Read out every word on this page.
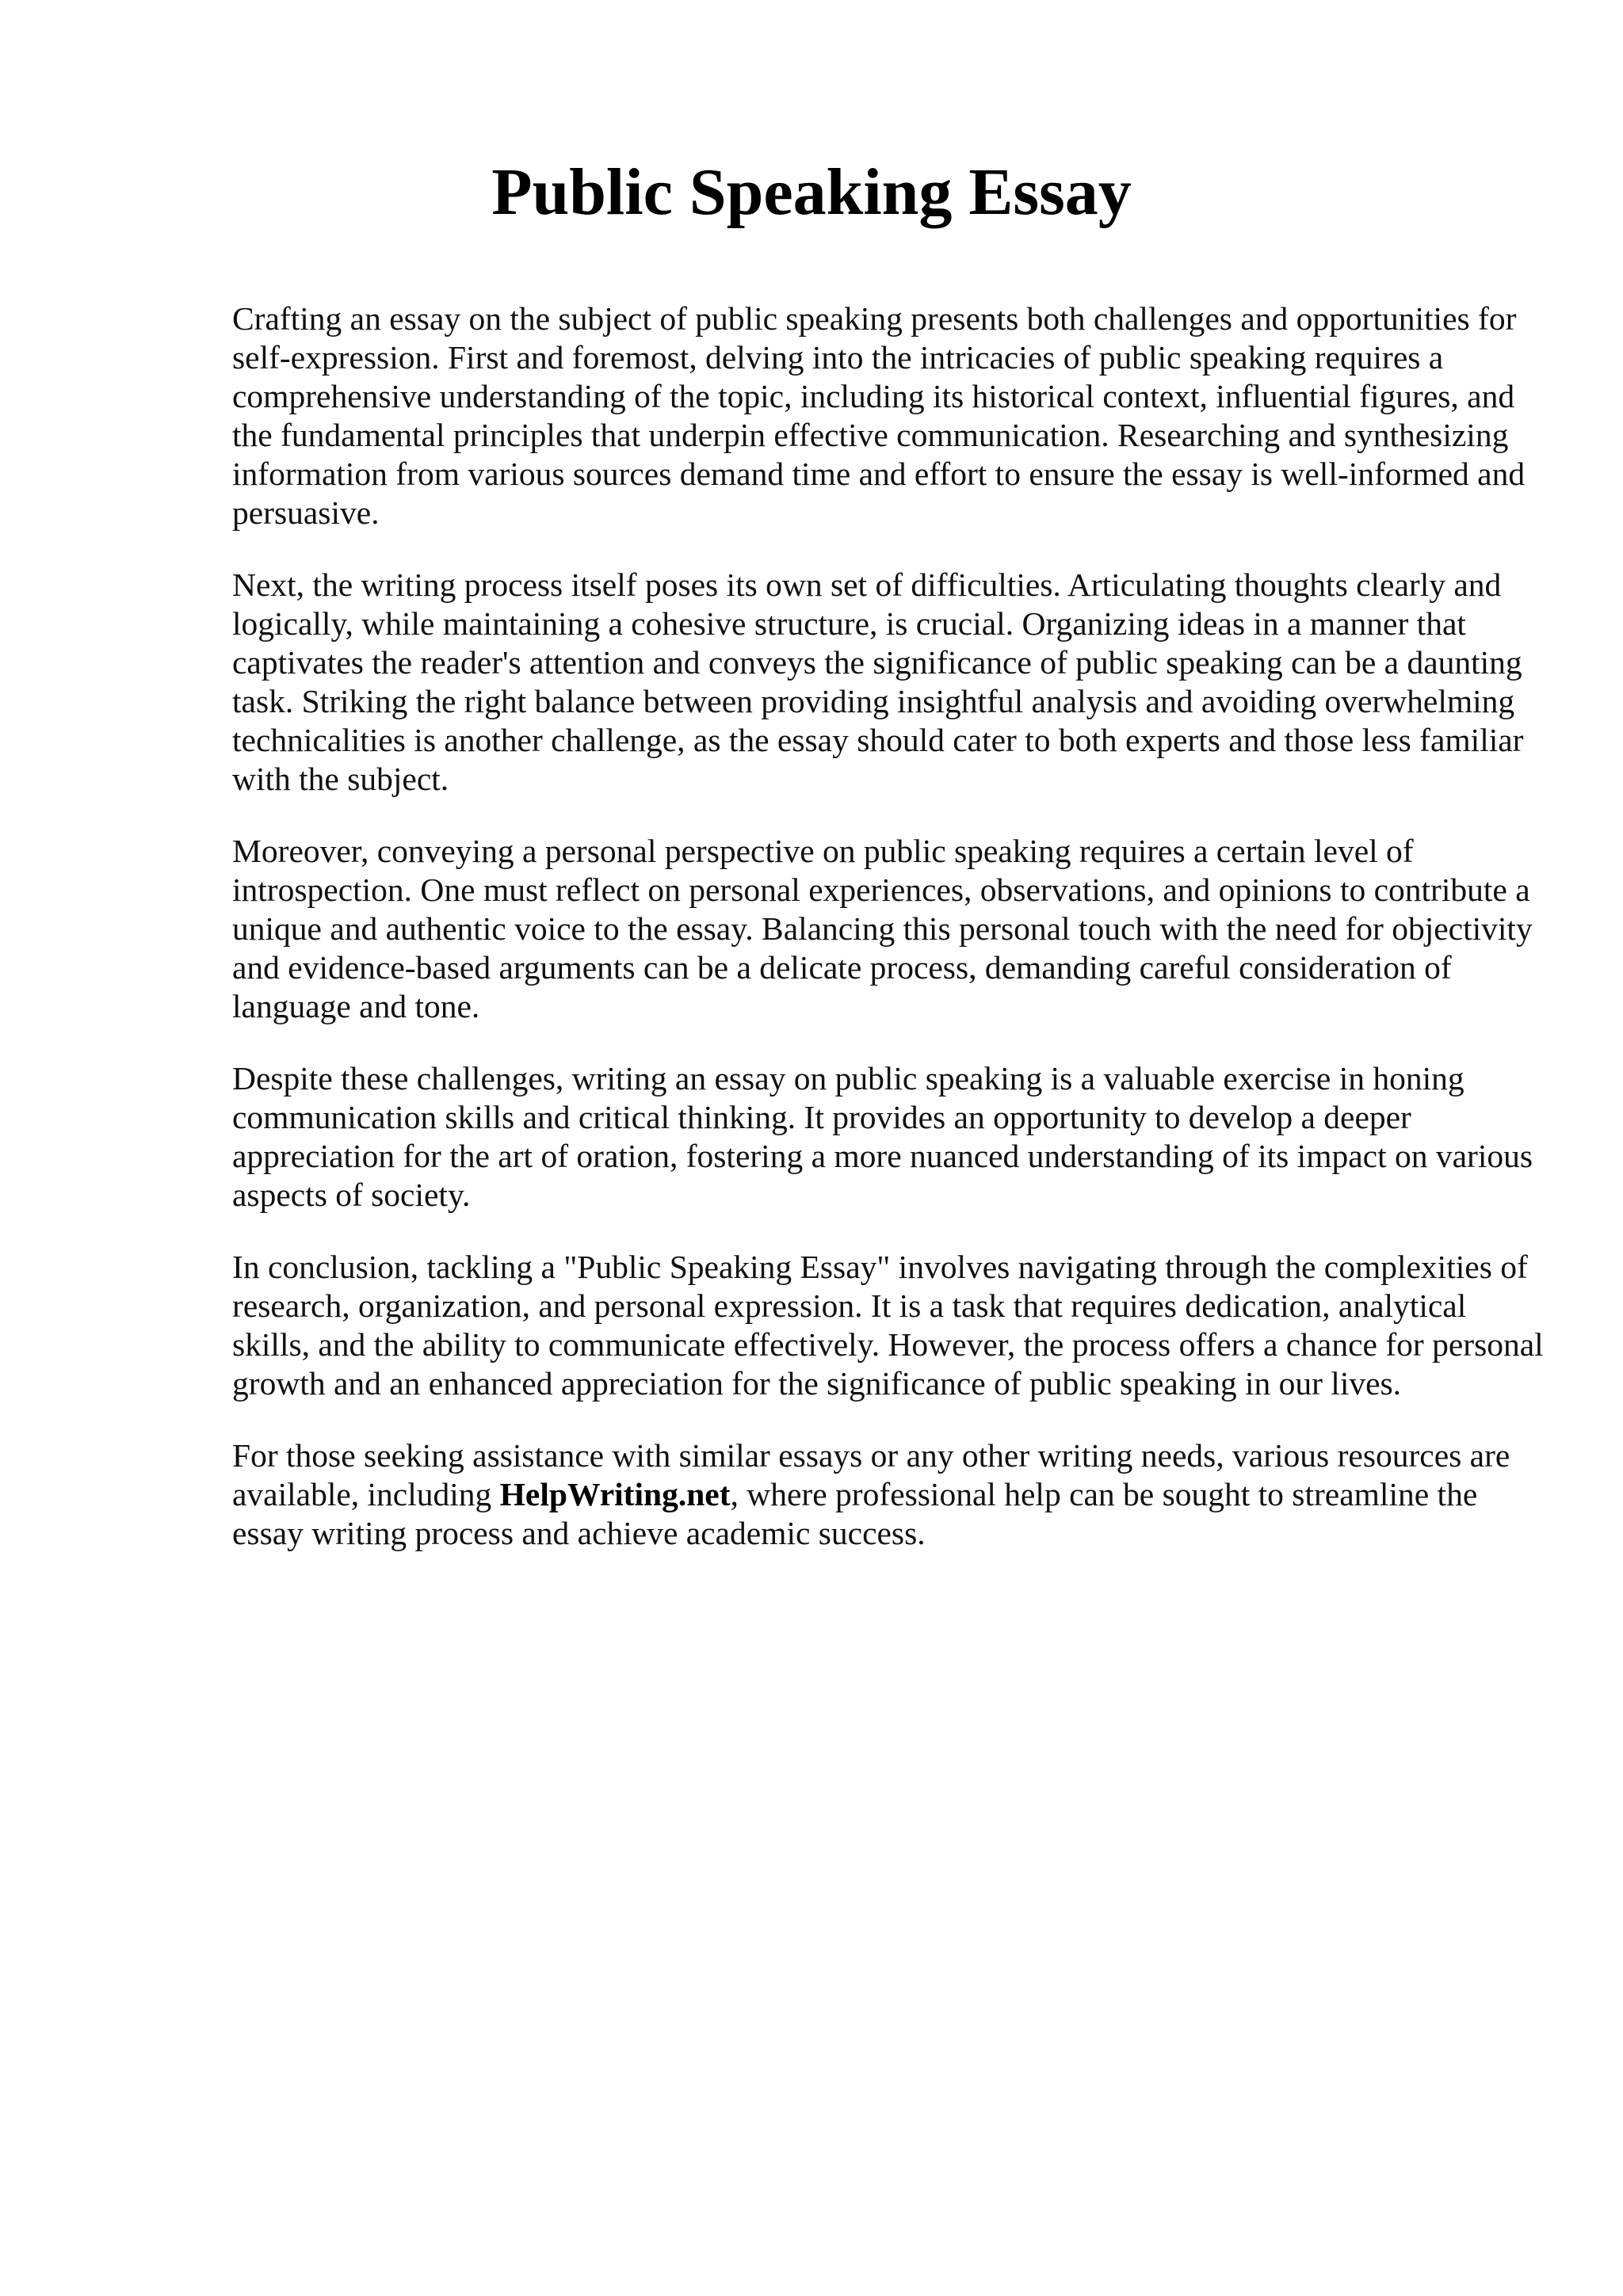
Public Speaking Essay

Crafting an essay on the subject of public speaking presents both challenges and opportunities for self-expression. First and foremost, delving into the intricacies of public speaking requires a comprehensive understanding of the topic, including its historical context, influential figures, and the fundamental principles that underpin effective communication. Researching and synthesizing information from various sources demand time and effort to ensure the essay is well-informed and persuasive.

Next, the writing process itself poses its own set of difficulties. Articulating thoughts clearly and logically, while maintaining a cohesive structure, is crucial. Organizing ideas in a manner that captivates the reader's attention and conveys the significance of public speaking can be a daunting task. Striking the right balance between providing insightful analysis and avoiding overwhelming technicalities is another challenge, as the essay should cater to both experts and those less familiar with the subject.

Moreover, conveying a personal perspective on public speaking requires a certain level of introspection. One must reflect on personal experiences, observations, and opinions to contribute a unique and authentic voice to the essay. Balancing this personal touch with the need for objectivity and evidence-based arguments can be a delicate process, demanding careful consideration of language and tone.

Despite these challenges, writing an essay on public speaking is a valuable exercise in honing communication skills and critical thinking. It provides an opportunity to develop a deeper appreciation for the art of oration, fostering a more nuanced understanding of its impact on various aspects of society.

In conclusion, tackling a "Public Speaking Essay" involves navigating through the complexities of research, organization, and personal expression. It is a task that requires dedication, analytical skills, and the ability to communicate effectively. However, the process offers a chance for personal growth and an enhanced appreciation for the significance of public speaking in our lives.

For those seeking assistance with similar essays or any other writing needs, various resources are available, including HelpWriting.net, where professional help can be sought to streamline the essay writing process and achieve academic success.
